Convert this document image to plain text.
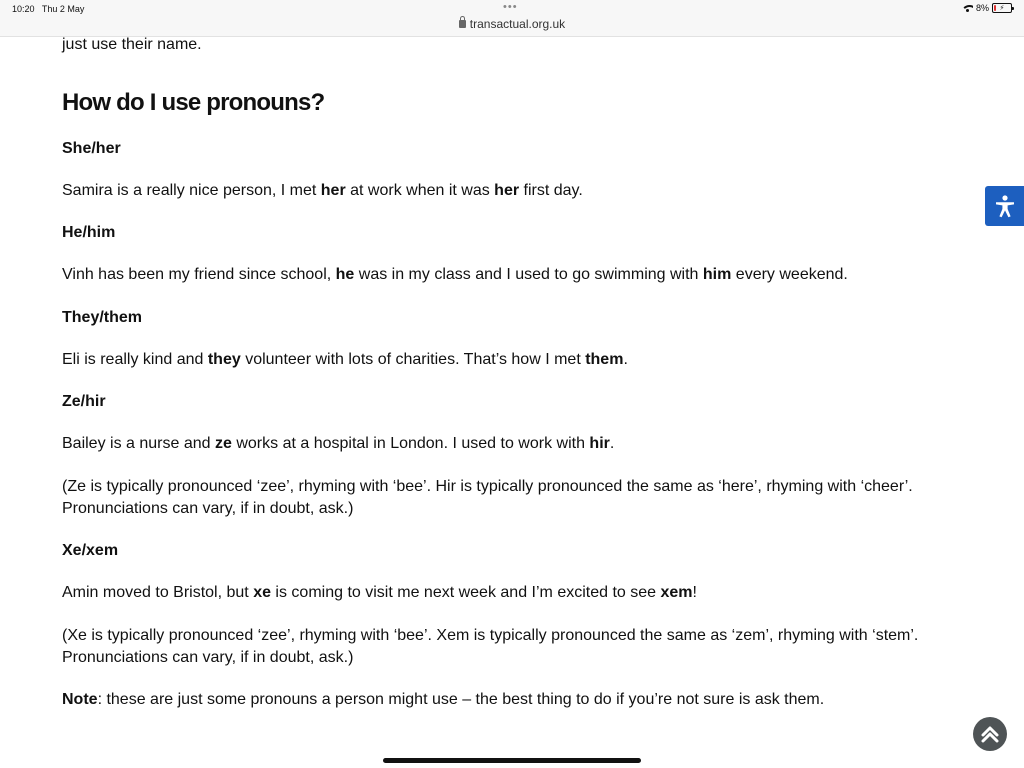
10:20 Thu 2 May	•••
transactual.org.uk
8% ⚡

just use their name.

How do I use pronouns?
She/her

Samira is a really nice person, I met her at work when it was her first day.

He/him

Vinh has been my friend since school, he was in my class and I used to go swimming with him every weekend.

They/them

Eli is really kind and they volunteer with lots of charities. That’s how I met them.

Ze/hir

Bailey is a nurse and ze works at a hospital in London. I used to work with hir.

(Ze is typically pronounced ‘zee’, rhyming with ‘bee’. Hir is typically pronounced the same as ‘here’, rhyming with ‘cheer’. Pronunciations can vary, if in doubt, ask.)

Xe/xem

Amin moved to Bristol, but xe is coming to visit me next week and I’m excited to see xem!

(Xe is typically pronounced ‘zee’, rhyming with ‘bee’. Xem is typically pronounced the same as ‘zem’, rhyming with ‘stem’. Pronunciations can vary, if in doubt, ask.)

Note: these are just some pronouns a person might use – the best thing to do if you’re not sure is ask them.
